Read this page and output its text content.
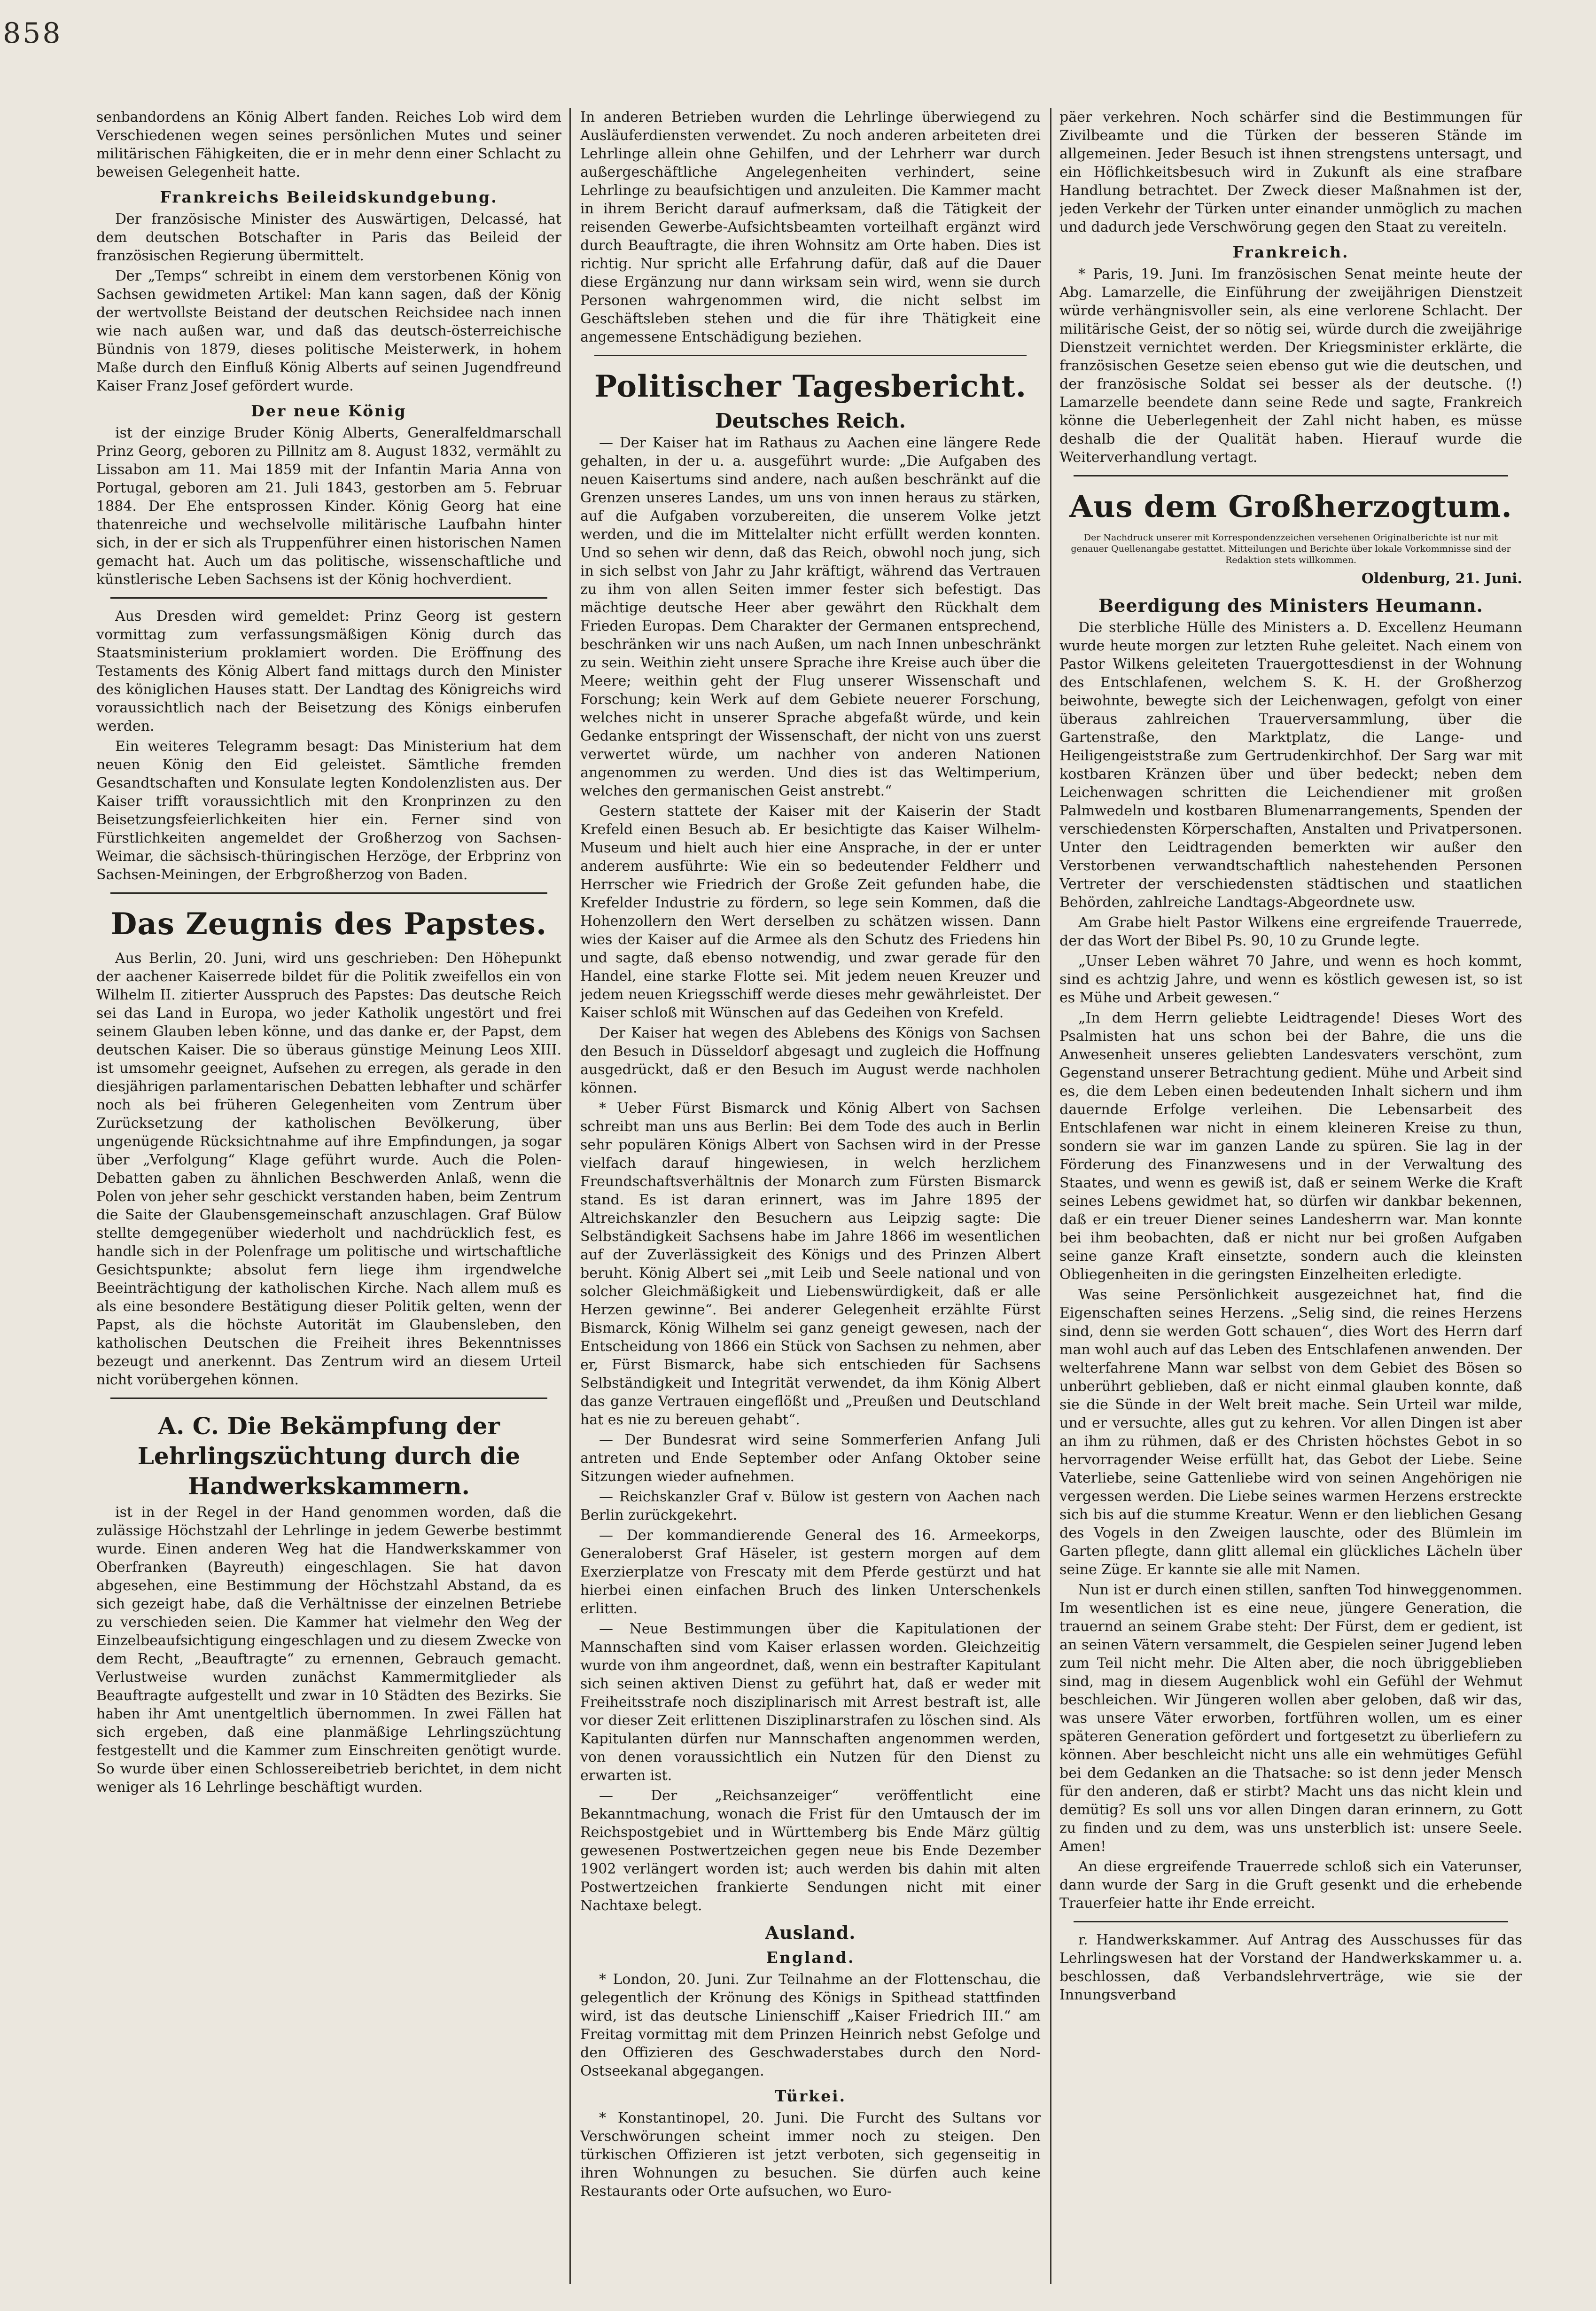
858

senbandordens an König Albert fanden. Reiches Lob wird dem Verschiedenen wegen seines persönlichen Mutes und seiner militärischen Fähigkeiten, die er in mehr denn einer Schlacht zu beweisen Gelegenheit hatte.

Frankreichs Beileidskundgebung.

Der französische Minister des Auswärtigen, Delcassé, hat dem deutschen Botschafter in Paris das Beileid der französischen Regierung übermittelt.

Der „Temps“ schreibt in einem dem verstorbenen König von Sachsen gewidmeten Artikel: Man kann sagen, daß der König der wertvollste Beistand der deutschen Reichsidee nach innen wie nach außen war, und daß das deutsch-österreichische Bündnis von 1879, dieses politische Meisterwerk, in hohem Maße durch den Einfluß König Alberts auf seinen Jugendfreund Kaiser Franz Josef gefördert wurde.

Der neue König

ist der einzige Bruder König Alberts, Generalfeldmarschall Prinz Georg, geboren zu Pillnitz am 8. August 1832, vermählt zu Lissabon am 11. Mai 1859 mit der Infantin Maria Anna von Portugal, geboren am 21. Juli 1843, gestorben am 5. Februar 1884. Der Ehe entsprossen Kinder. König Georg hat eine thatenreiche und wechselvolle militärische Laufbahn hinter sich, in der er sich als Truppenführer einen historischen Namen gemacht hat. Auch um das politische, wissenschaftliche und künstlerische Leben Sachsens ist der König hochverdient.

Aus Dresden wird gemeldet: Prinz Georg ist gestern vormittag zum verfassungsmäßigen König durch das Staatsministerium proklamiert worden. Die Eröffnung des Testaments des König Albert fand mittags durch den Minister des königlichen Hauses statt. Der Landtag des Königreichs wird voraussichtlich nach der Beisetzung des Königs einberufen werden.

Ein weiteres Telegramm besagt: Das Ministerium hat dem neuen König den Eid geleistet. Sämtliche fremden Gesandtschaften und Konsulate legten Kondolenzlisten aus. Der Kaiser trifft voraussichtlich mit den Kronprinzen zu den Beisetzungsfeierlichkeiten hier ein. Ferner sind von Fürstlichkeiten angemeldet der Großherzog von Sachsen-Weimar, die sächsisch-thüringischen Herzöge, der Erbprinz von Sachsen-Meiningen, der Erbgroßherzog von Baden.

Das Zeugnis des Papstes.

Aus Berlin, 20. Juni, wird uns geschrieben: Den Höhepunkt der aachener Kaiserrede bildet für die Politik zweifellos ein von Wilhelm II. zitierter Ausspruch des Papstes: Das deutsche Reich sei das Land in Europa, wo jeder Katholik ungestört und frei seinem Glauben leben könne, und das danke er, der Papst, dem deutschen Kaiser. Die so überaus günstige Meinung Leos XIII. ist umsomehr geeignet, Aufsehen zu erregen, als gerade in den diesjährigen parlamentarischen Debatten lebhafter und schärfer noch als bei früheren Gelegenheiten vom Zentrum über Zurücksetzung der katholischen Bevölkerung, über ungenügende Rücksichtnahme auf ihre Empfindungen, ja sogar über „Verfolgung“ Klage geführt wurde. Auch die Polen-Debatten gaben zu ähnlichen Beschwerden Anlaß, wenn die Polen von jeher sehr geschickt verstanden haben, beim Zentrum die Saite der Glaubensgemeinschaft anzuschlagen. Graf Bülow stellte demgegenüber wiederholt und nachdrücklich fest, es handle sich in der Polenfrage um politische und wirtschaftliche Gesichtspunkte; absolut fern liege ihm irgendwelche Beeinträchtigung der katholischen Kirche. Nach allem muß es als eine besondere Bestätigung dieser Politik gelten, wenn der Papst, als die höchste Autorität im Glaubensleben, den katholischen Deutschen die Freiheit ihres Bekenntnisses bezeugt und anerkennt. Das Zentrum wird an diesem Urteil nicht vorübergehen können.

A. C. Die Bekämpfung der Lehrlingszüchtung durch die Handwerkskammern.

ist in der Regel in der Hand genommen worden, daß die zulässige Höchstzahl der Lehrlinge in jedem Gewerbe bestimmt wurde. Einen anderen Weg hat die Handwerkskammer von Oberfranken (Bayreuth) eingeschlagen. Sie hat davon abgesehen, eine Bestimmung der Höchstzahl Abstand, da es sich gezeigt habe, daß die Verhältnisse der einzelnen Betriebe zu verschieden seien. Die Kammer hat vielmehr den Weg der Einzelbeaufsichtigung eingeschlagen und zu diesem Zwecke von dem Recht, „Beauftragte“ zu ernennen, Gebrauch gemacht. Verlustweise wurden zunächst Kammermitglieder als Beauftragte aufgestellt und zwar in 10 Städten des Bezirks. Sie haben ihr Amt unentgeltlich übernommen. In zwei Fällen hat sich ergeben, daß eine planmäßige Lehrlingszüchtung festgestellt und die Kammer zum Einschreiten genötigt wurde. So wurde über einen Schlossereibetrieb berichtet, in dem nicht weniger als 16 Lehrlinge beschäftigt wurden.

In anderen Betrieben wurden die Lehrlinge überwiegend zu Ausläuferdiensten verwendet. Zu noch anderen arbeiteten drei Lehrlinge allein ohne Gehilfen, und der Lehrherr war durch außergeschäftliche Angelegenheiten verhindert, seine Lehrlinge zu beaufsichtigen und anzuleiten. Die Kammer macht in ihrem Bericht darauf aufmerksam, daß die Tätigkeit der reisenden Gewerbe-Aufsichtsbeamten vorteilhaft ergänzt wird durch Beauftragte, die ihren Wohnsitz am Orte haben. Dies ist richtig. Nur spricht alle Erfahrung dafür, daß auf die Dauer diese Ergänzung nur dann wirksam sein wird, wenn sie durch Personen wahrgenommen wird, die nicht selbst im Geschäftsleben stehen und die für ihre Thätigkeit eine angemessene Entschädigung beziehen.

Politischer Tagesbericht.

Deutsches Reich.

— Der Kaiser hat im Rathaus zu Aachen eine längere Rede gehalten, in der u. a. ausgeführt wurde: „Die Aufgaben des neuen Kaisertums sind andere, nach außen beschränkt auf die Grenzen unseres Landes, um uns von innen heraus zu stärken, auf die Aufgaben vorzubereiten, die unserem Volke jetzt werden, und die im Mittelalter nicht erfüllt werden konnten. Und so sehen wir denn, daß das Reich, obwohl noch jung, sich in sich selbst von Jahr zu Jahr kräftigt, während das Vertrauen zu ihm von allen Seiten immer fester sich befestigt. Das mächtige deutsche Heer aber gewährt den Rückhalt dem Frieden Europas. Dem Charakter der Germanen entsprechend, beschränken wir uns nach Außen, um nach Innen unbeschränkt zu sein. Weithin zieht unsere Sprache ihre Kreise auch über die Meere; weithin geht der Flug unserer Wissenschaft und Forschung; kein Werk auf dem Gebiete neuerer Forschung, welches nicht in unserer Sprache abgefaßt würde, und kein Gedanke entspringt der Wissenschaft, der nicht von uns zuerst verwertet würde, um nachher von anderen Nationen angenommen zu werden. Und dies ist das Weltimperium, welches den germanischen Geist anstrebt.“

Gestern stattete der Kaiser mit der Kaiserin der Stadt Krefeld einen Besuch ab. Er besichtigte das Kaiser Wilhelm-Museum und hielt auch hier eine Ansprache, in der er unter anderem ausführte: Wie ein so bedeutender Feldherr und Herrscher wie Friedrich der Große Zeit gefunden habe, die Krefelder Industrie zu fördern, so lege sein Kommen, daß die Hohenzollern den Wert derselben zu schätzen wissen. Dann wies der Kaiser auf die Armee als den Schutz des Friedens hin und sagte, daß ebenso notwendig, und zwar gerade für den Handel, eine starke Flotte sei. Mit jedem neuen Kreuzer und jedem neuen Kriegsschiff werde dieses mehr gewährleistet. Der Kaiser schloß mit Wünschen auf das Gedeihen von Krefeld.

Der Kaiser hat wegen des Ablebens des Königs von Sachsen den Besuch in Düsseldorf abgesagt und zugleich die Hoffnung ausgedrückt, daß er den Besuch im August werde nachholen können.

* Ueber Fürst Bismarck und König Albert von Sachsen schreibt man uns aus Berlin: Bei dem Tode des auch in Berlin sehr populären Königs Albert von Sachsen wird in der Presse vielfach darauf hingewiesen, in welch herzlichem Freundschaftsverhältnis der Monarch zum Fürsten Bismarck stand. Es ist daran erinnert, was im Jahre 1895 der Altreichskanzler den Besuchern aus Leipzig sagte: Die Selbständigkeit Sachsens habe im Jahre 1866 im wesentlichen auf der Zuverlässigkeit des Königs und des Prinzen Albert beruht. König Albert sei „mit Leib und Seele national und von solcher Gleichmäßigkeit und Liebenswürdigkeit, daß er alle Herzen gewinne“. Bei anderer Gelegenheit erzählte Fürst Bismarck, König Wilhelm sei ganz geneigt gewesen, nach der Entscheidung von 1866 ein Stück von Sachsen zu nehmen, aber er, Fürst Bismarck, habe sich entschieden für Sachsens Selbständigkeit und Integrität verwendet, da ihm König Albert das ganze Vertrauen eingeflößt und „Preußen und Deutschland hat es nie zu bereuen gehabt“.

— Der Bundesrat wird seine Sommerferien Anfang Juli antreten und Ende September oder Anfang Oktober seine Sitzungen wieder aufnehmen.

— Reichskanzler Graf v. Bülow ist gestern von Aachen nach Berlin zurückgekehrt.

— Der kommandierende General des 16. Armeekorps, Generaloberst Graf Häseler, ist gestern morgen auf dem Exerzierplatze von Frescaty mit dem Pferde gestürzt und hat hierbei einen einfachen Bruch des linken Unterschenkels erlitten.

— Neue Bestimmungen über die Kapitulationen der Mannschaften sind vom Kaiser erlassen worden. Gleichzeitig wurde von ihm angeordnet, daß, wenn ein bestrafter Kapitulant sich seinen aktiven Dienst zu geführt hat, daß er weder mit Freiheitsstrafe noch disziplinarisch mit Arrest bestraft ist, alle vor dieser Zeit erlittenen Disziplinarstrafen zu löschen sind. Als Kapitulanten dürfen nur Mannschaften angenommen werden, von denen voraussichtlich ein Nutzen für den Dienst zu erwarten ist.

— Der „Reichsanzeiger“ veröffentlicht eine Bekanntmachung, wonach die Frist für den Umtausch der im Reichspostgebiet und in Württemberg bis Ende März gültig gewesenen Postwertzeichen gegen neue bis Ende Dezember 1902 verlängert worden ist; auch werden bis dahin mit alten Postwertzeichen frankierte Sendungen nicht mit einer Nachtaxe belegt.

Ausland.

England.

* London, 20. Juni. Zur Teilnahme an der Flottenschau, die gelegentlich der Krönung des Königs in Spithead stattfinden wird, ist das deutsche Linienschiff „Kaiser Friedrich III.“ am Freitag vormittag mit dem Prinzen Heinrich nebst Gefolge und den Offizieren des Geschwaderstabes durch den Nord-Ostseekanal abgegangen.

Türkei.

* Konstantinopel, 20. Juni. Die Furcht des Sultans vor Verschwörungen scheint immer noch zu steigen. Den türkischen Offizieren ist jetzt verboten, sich gegenseitig in ihren Wohnungen zu besuchen. Sie dürfen auch keine Restaurants oder Orte aufsuchen, wo Euro-

päer verkehren. Noch schärfer sind die Bestimmungen für Zivilbeamte und die Türken der besseren Stände im allgemeinen. Jeder Besuch ist ihnen strengstens untersagt, und ein Höflichkeitsbesuch wird in Zukunft als eine strafbare Handlung betrachtet. Der Zweck dieser Maßnahmen ist der, jeden Verkehr der Türken unter einander unmöglich zu machen und dadurch jede Verschwörung gegen den Staat zu vereiteln.

Frankreich.

* Paris, 19. Juni. Im französischen Senat meinte heute der Abg. Lamarzelle, die Einführung der zweijährigen Dienstzeit würde verhängnisvoller sein, als eine verlorene Schlacht. Der militärische Geist, der so nötig sei, würde durch die zweijährige Dienstzeit vernichtet werden. Der Kriegsminister erklärte, die französischen Gesetze seien ebenso gut wie die deutschen, und der französische Soldat sei besser als der deutsche. (!) Lamarzelle beendete dann seine Rede und sagte, Frankreich könne die Ueberlegenheit der Zahl nicht haben, es müsse deshalb die der Qualität haben. Hierauf wurde die Weiterverhandlung vertagt.

Aus dem Großherzogtum.

Der Nachdruck unserer mit Korrespondenzzeichen versehenen Originalberichte ist nur mit genauer Quellenangabe gestattet. Mitteilungen und Berichte über lokale Vorkommnisse sind der Redaktion stets willkommen.

Oldenburg, 21. Juni.

Beerdigung des Ministers Heumann.

Die sterbliche Hülle des Ministers a. D. Excellenz Heumann wurde heute morgen zur letzten Ruhe geleitet. Nach einem von Pastor Wilkens geleiteten Trauergottesdienst in der Wohnung des Entschlafenen, welchem S. K. H. der Großherzog beiwohnte, bewegte sich der Leichenwagen, gefolgt von einer überaus zahlreichen Trauerversammlung, über die Gartenstraße, den Marktplatz, die Lange- und Heiligengeiststraße zum Gertrudenkirchhof. Der Sarg war mit kostbaren Kränzen über und über bedeckt; neben dem Leichenwagen schritten die Leichendiener mit großen Palmwedeln und kostbaren Blumenarrangements, Spenden der verschiedensten Körperschaften, Anstalten und Privatpersonen. Unter den Leidtragenden bemerkten wir außer den Verstorbenen verwandtschaftlich nahestehenden Personen Vertreter der verschiedensten städtischen und staatlichen Behörden, zahlreiche Landtags-Abgeordnete usw.

Am Grabe hielt Pastor Wilkens eine ergreifende Trauerrede, der das Wort der Bibel Ps. 90, 10 zu Grunde legte.

„Unser Leben währet 70 Jahre, und wenn es hoch kommt, sind es achtzig Jahre, und wenn es köstlich gewesen ist, so ist es Mühe und Arbeit gewesen.“

„In dem Herrn geliebte Leidtragende! Dieses Wort des Psalmisten hat uns schon bei der Bahre, die uns die Anwesenheit unseres geliebten Landesvaters verschönt, zum Gegenstand unserer Betrachtung gedient. Mühe und Arbeit sind es, die dem Leben einen bedeutenden Inhalt sichern und ihm dauernde Erfolge verleihen. Die Lebensarbeit des Entschlafenen war nicht in einem kleineren Kreise zu thun, sondern sie war im ganzen Lande zu spüren. Sie lag in der Förderung des Finanzwesens und in der Verwaltung des Staates, und wenn es gewiß ist, daß er seinem Werke die Kraft seines Lebens gewidmet hat, so dürfen wir dankbar bekennen, daß er ein treuer Diener seines Landesherrn war. Man konnte bei ihm beobachten, daß er nicht nur bei großen Aufgaben seine ganze Kraft einsetzte, sondern auch die kleinsten Obliegenheiten in die geringsten Einzelheiten erledigte.

Was seine Persönlichkeit ausgezeichnet hat, find die Eigenschaften seines Herzens. „Selig sind, die reines Herzens sind, denn sie werden Gott schauen“, dies Wort des Herrn darf man wohl auch auf das Leben des Entschlafenen anwenden. Der welterfahrene Mann war selbst von dem Gebiet des Bösen so unberührt geblieben, daß er nicht einmal glauben konnte, daß sie die Sünde in der Welt breit mache. Sein Urteil war milde, und er versuchte, alles gut zu kehren. Vor allen Dingen ist aber an ihm zu rühmen, daß er des Christen höchstes Gebot in so hervorragender Weise erfüllt hat, das Gebot der Liebe. Seine Vaterliebe, seine Gattenliebe wird von seinen Angehörigen nie vergessen werden. Die Liebe seines warmen Herzens erstreckte sich bis auf die stumme Kreatur. Wenn er den lieblichen Gesang des Vogels in den Zweigen lauschte, oder des Blümlein im Garten pflegte, dann glitt allemal ein glückliches Lächeln über seine Züge. Er kannte sie alle mit Namen.

Nun ist er durch einen stillen, sanften Tod hinweggenommen. Im wesentlichen ist es eine neue, jüngere Generation, die trauernd an seinem Grabe steht: Der Fürst, dem er gedient, ist an seinen Vätern versammelt, die Gespielen seiner Jugend leben zum Teil nicht mehr. Die Alten aber, die noch übriggeblieben sind, mag in diesem Augenblick wohl ein Gefühl der Wehmut beschleichen. Wir Jüngeren wollen aber geloben, daß wir das, was unsere Väter erworben, fortführen wollen, um es einer späteren Generation gefördert und fortgesetzt zu überliefern zu können. Aber beschleicht nicht uns alle ein wehmütiges Gefühl bei dem Gedanken an die Thatsache: so ist denn jeder Mensch für den anderen, daß er stirbt? Macht uns das nicht klein und demütig? Es soll uns vor allen Dingen daran erinnern, zu Gott zu finden und zu dem, was uns unsterblich ist: unsere Seele. Amen!

An diese ergreifende Trauerrede schloß sich ein Vaterunser, dann wurde der Sarg in die Gruft gesenkt und die erhebende Trauerfeier hatte ihr Ende erreicht.

r. Handwerkskammer. Auf Antrag des Ausschusses für das Lehrlingswesen hat der Vorstand der Handwerkskammer u. a. beschlossen, daß Verbandslehrverträge, wie sie der Innungsverband
